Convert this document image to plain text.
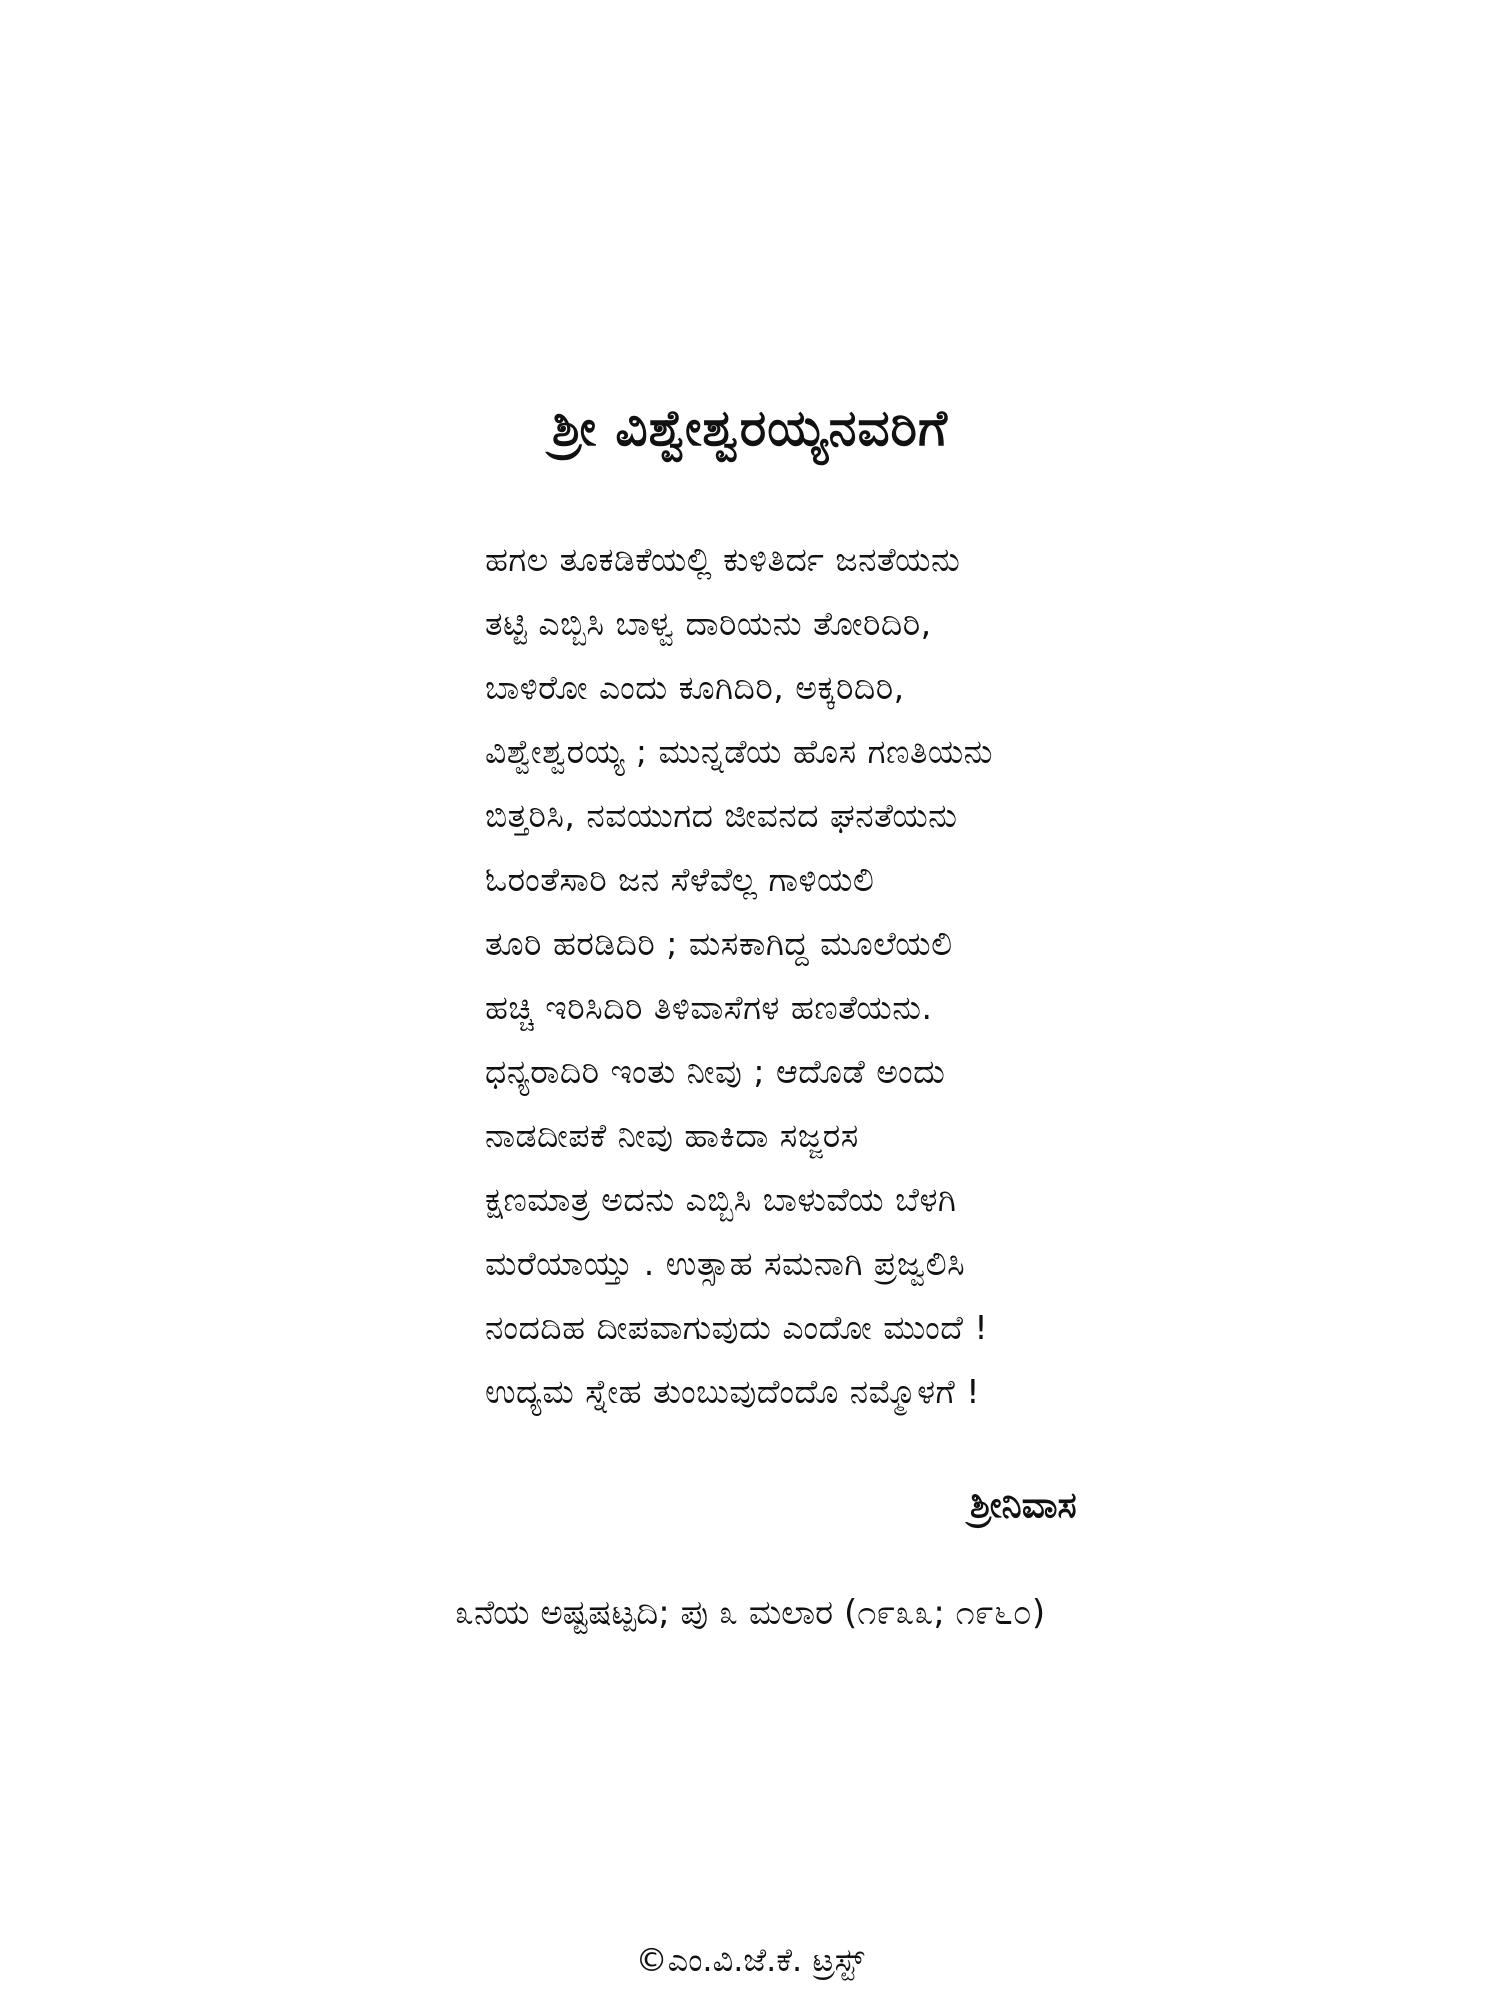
ಶ್ರೀ ವಿಶ್ವೇಶ್ವರಯ್ಯನವರಿಗೆ
ಹಗಲ ತೂಕಡಿಕೆಯಲ್ಲಿ ಕುಳಿತಿರ್ದ ಜನತೆಯನು
ತಟ್ಟಿ ಎಬ್ಬಿಸಿ ಬಾಳ್ವ ದಾರಿಯನು ತೋರಿದಿರಿ,
ಬಾಳಿರೋ ಎಂದು ಕೂಗಿದಿರಿ, ಅಕ್ಕರಿದಿರಿ,
ವಿಶ್ವೇಶ್ವರಯ್ಯ ; ಮುನ್ನಡೆಯ ಹೊಸ ಗಣತಿಯನು
ಬಿತ್ತರಿಸಿ, ನವಯುಗದ ಜೀವನದ ಘನತೆಯನು
ಓರಂತೆಸಾರಿ ಜನ ಸೆಳೆವೆಲ್ಲ ಗಾಳಿಯಲಿ
ತೂರಿ ಹರಡಿದಿರಿ ; ಮಸಕಾಗಿದ್ದ ಮೂಲೆಯಲಿ
ಹಚ್ಚಿ ಇರಿಸಿದಿರಿ ತಿಳಿವಾಸೆಗಳ ಹಣತೆಯನು.
ಧನ್ಯರಾದಿರಿ ಇಂತು ನೀವು ; ಆದೊಡೆ ಅಂದು
ನಾಡದೀಪಕೆ ನೀವು ಹಾಕಿದಾ ಸಜ್ಜರಸ
ಕ್ಷಣಮಾತ್ರ ಅದನು ಎಬ್ಬಿಸಿ ಬಾಳುವೆಯ ಬೆಳಗಿ
ಮರೆಯಾಯ್ತು . ಉತ್ಸಾಹ ಸಮನಾಗಿ ಪ್ರಜ್ವಲಿಸಿ
ನಂದದಿಹ ದೀಪವಾಗುವುದು ಎಂದೋ ಮುಂದೆ !
ಉದ್ಯಮ ಸ್ನೇಹ ತುಂಬುವುದೆಂದೊ ನಮ್ಮೊಳಗೆ !
ಶ್ರೀನಿವಾಸ
೩ನೆಯ ಅಷ್ಟಷಟ್ಪದಿ; ಪು ೩ ಮಲಾರ (೧೯೩೩; ೧೯೬೦)
©ಎಂ.ವಿ.ಜೆ.ಕೆ. ಟ್ರಸ್ಟ್
